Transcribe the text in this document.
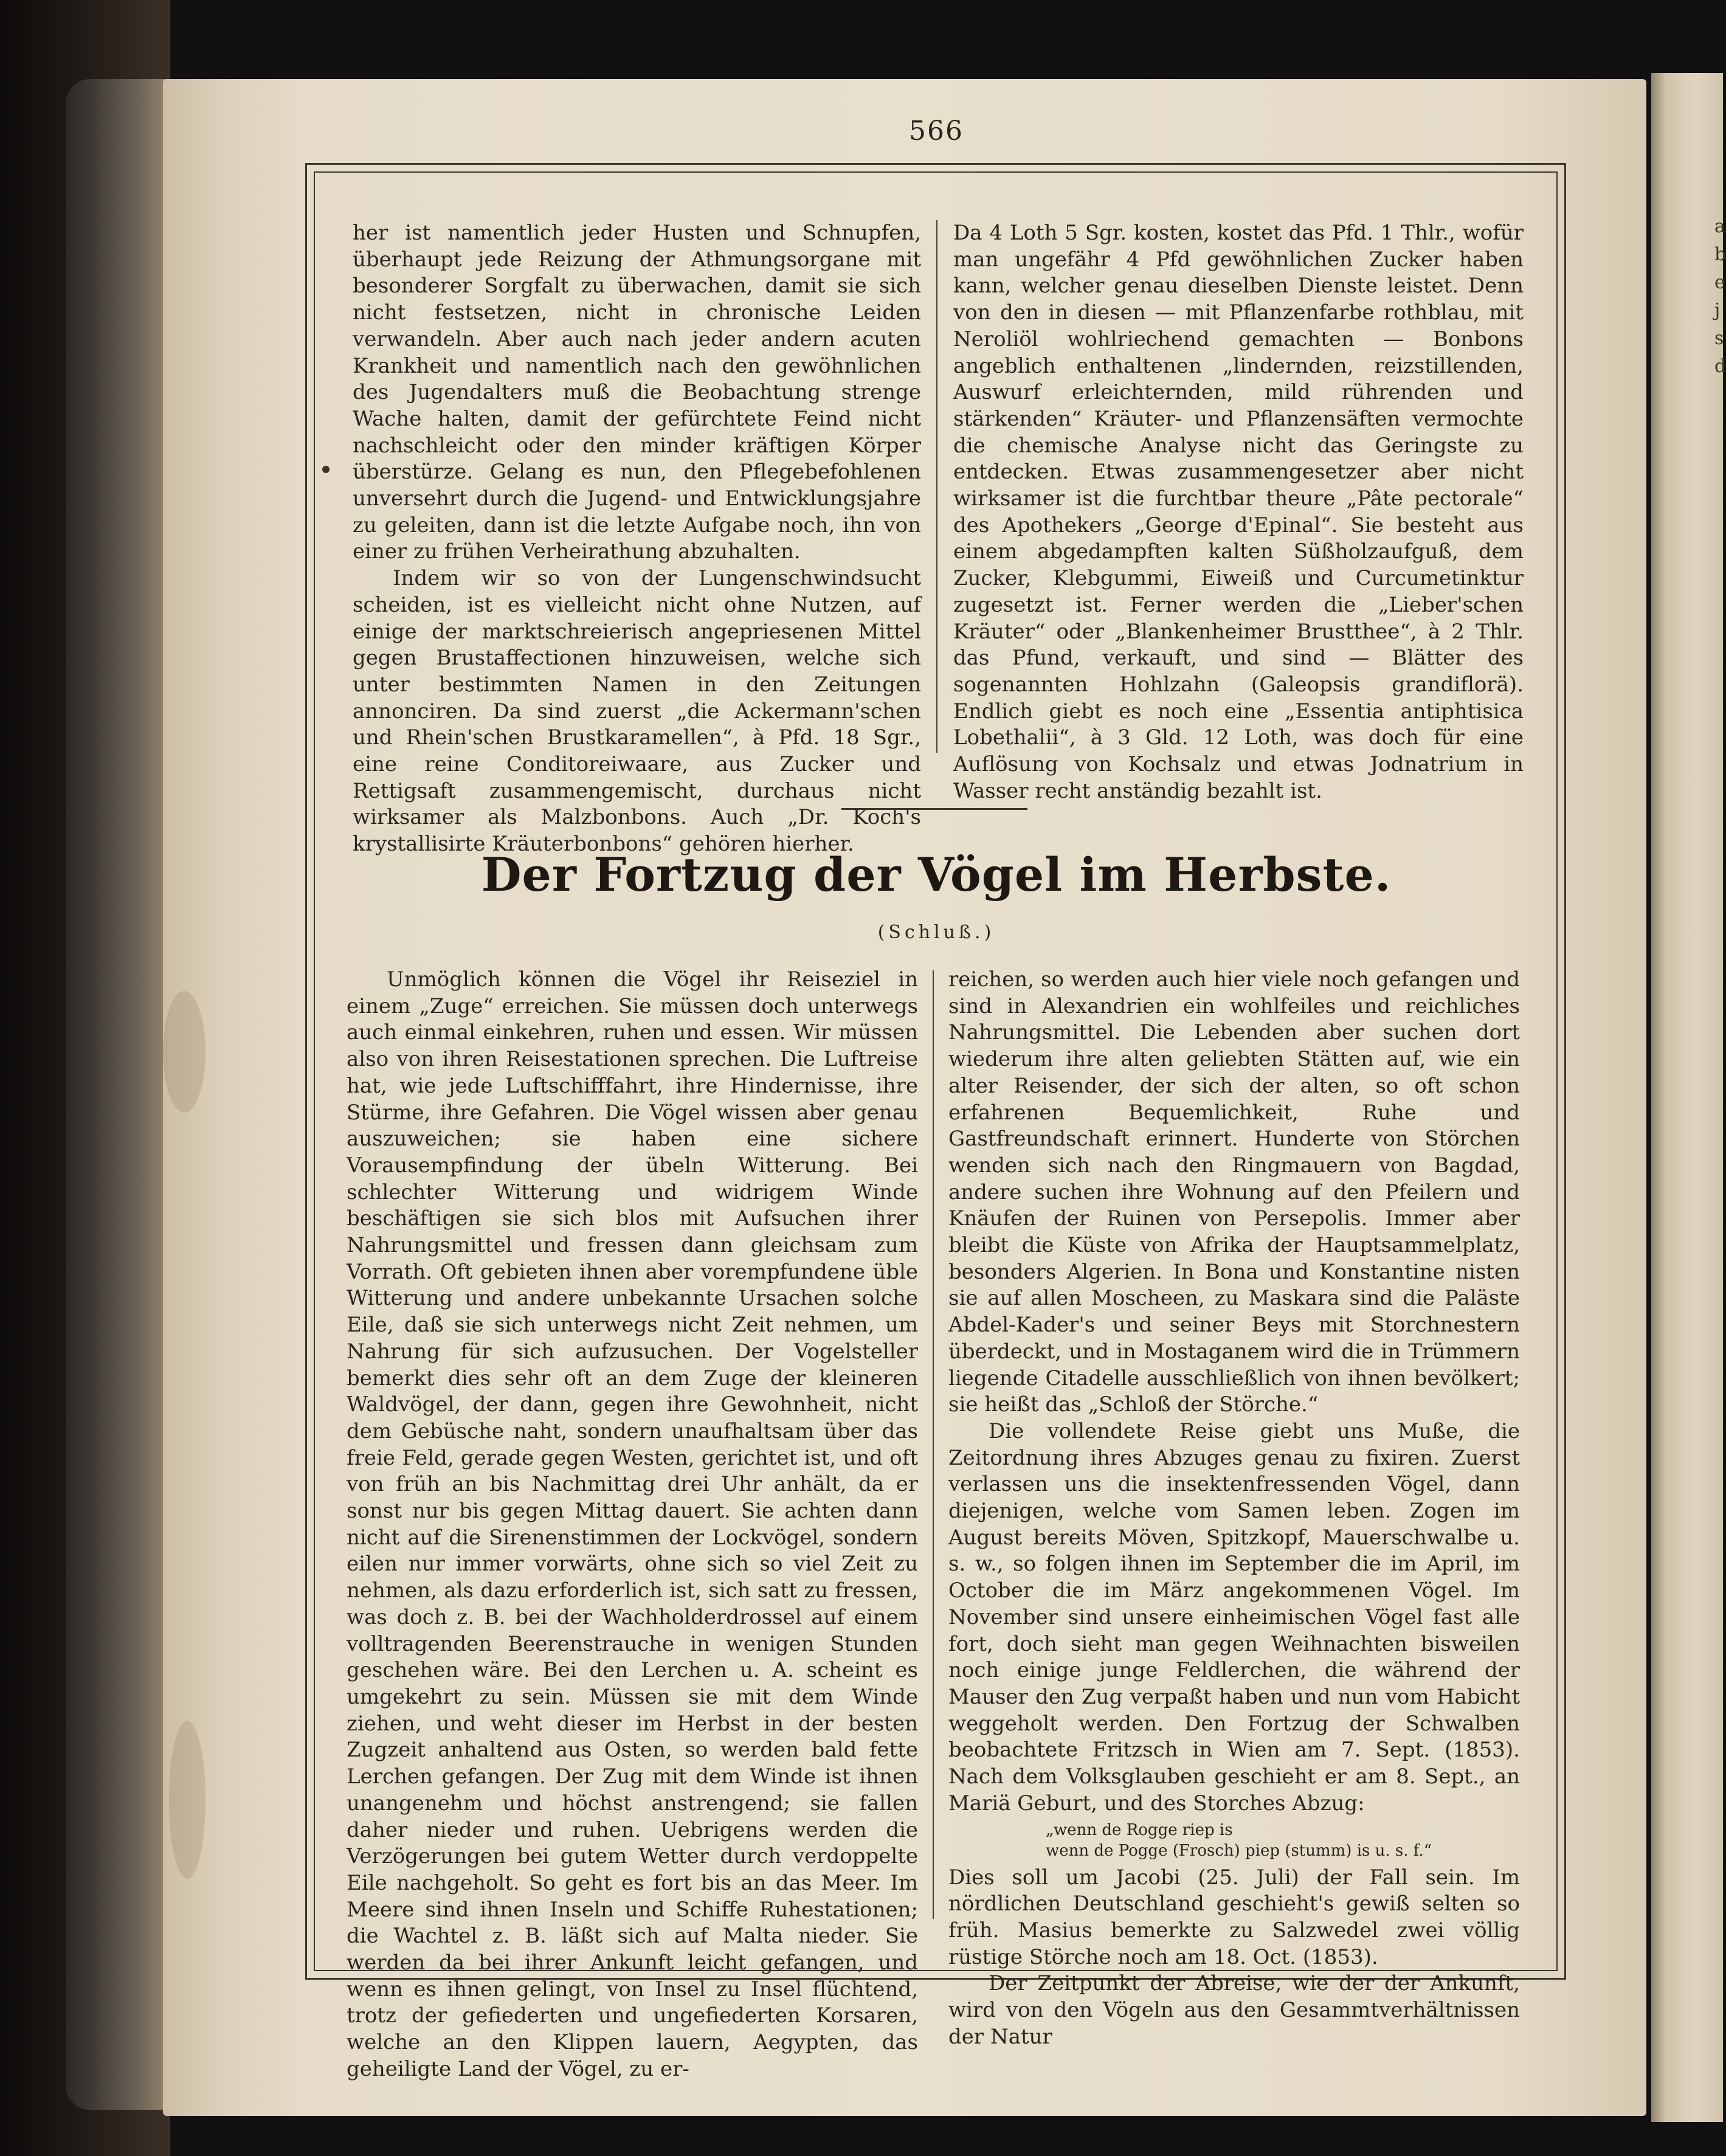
a
b
e
j
s
d
566

her ist namentlich jeder Husten und Schnupfen, überhaupt jede Reizung der Athmungsorgane mit besonderer Sorgfalt zu überwachen, damit sie sich nicht festsetzen, nicht in chronische Leiden verwandeln. Aber auch nach jeder andern acuten Krankheit und namentlich nach den gewöhnlichen des Jugendalters muß die Beobachtung strenge Wache halten, damit der gefürchtete Feind nicht nachschleicht oder den minder kräftigen Körper überstürze. Gelang es nun, den Pflegebefohlenen unversehrt durch die Jugend- und Entwicklungsjahre zu geleiten, dann ist die letzte Aufgabe noch, ihn von einer zu frühen Verheirathung abzuhalten.

Indem wir so von der Lungenschwindsucht scheiden, ist es vielleicht nicht ohne Nutzen, auf einige der marktschreierisch angepriesenen Mittel gegen Brustaffectionen hinzuweisen, welche sich unter bestimmten Namen in den Zeitungen annonciren. Da sind zuerst „die Ackermann'schen und Rhein'schen Brustkaramellen“, à Pfd. 18 Sgr., eine reine Conditoreiwaare, aus Zucker und Rettigsaft zusammengemischt, durchaus nicht wirksamer als Malzbonbons. Auch „Dr. Koch's krystallisirte Kräuterbonbons“ gehören hierher.

Da 4 Loth 5 Sgr. kosten, kostet das Pfd. 1 Thlr., wofür man ungefähr 4 Pfd gewöhnlichen Zucker haben kann, welcher genau dieselben Dienste leistet. Denn von den in diesen — mit Pflanzenfarbe rothblau, mit Neroliöl wohlriechend gemachten — Bonbons angeblich enthaltenen „lindernden, reizstillenden, Auswurf erleichternden, mild rührenden und stärkenden“ Kräuter- und Pflanzensäften vermochte die chemische Analyse nicht das Geringste zu entdecken. Etwas zusammengesetzer aber nicht wirksamer ist die furchtbar theure „Pâte pectorale“ des Apothekers „George d'Epinal“. Sie besteht aus einem abgedampften kalten Süßholzaufguß, dem Zucker, Klebgummi, Eiweiß und Curcumetinktur zugesetzt ist. Ferner werden die „Lieber'schen Kräuter“ oder „Blankenheimer Brustthee“, à 2 Thlr. das Pfund, verkauft, und sind — Blätter des sogenannten Hohlzahn (Galeopsis grandiflorä). Endlich giebt es noch eine „Essentia antiphtisica Lobethalii“, à 3 Gld. 12 Loth, was doch für eine Auflösung von Kochsalz und etwas Jodnatrium in Wasser recht anständig bezahlt ist.

Der Fortzug der Vögel im Herbste.
(Schluß.)

Unmöglich können die Vögel ihr Reiseziel in einem „Zuge“ erreichen. Sie müssen doch unterwegs auch einmal einkehren, ruhen und essen. Wir müssen also von ihren Reisestationen sprechen. Die Luftreise hat, wie jede Luftschifffahrt, ihre Hindernisse, ihre Stürme, ihre Gefahren. Die Vögel wissen aber genau auszuweichen; sie haben eine sichere Vorausempfindung der übeln Witterung. Bei schlechter Witterung und widrigem Winde beschäftigen sie sich blos mit Aufsuchen ihrer Nahrungsmittel und fressen dann gleichsam zum Vorrath. Oft gebieten ihnen aber vorempfundene üble Witterung und andere unbekannte Ursachen solche Eile, daß sie sich unterwegs nicht Zeit nehmen, um Nahrung für sich aufzusuchen. Der Vogelsteller bemerkt dies sehr oft an dem Zuge der kleineren Waldvögel, der dann, gegen ihre Gewohnheit, nicht dem Gebüsche naht, sondern unaufhaltsam über das freie Feld, gerade gegen Westen, gerichtet ist, und oft von früh an bis Nachmittag drei Uhr anhält, da er sonst nur bis gegen Mittag dauert. Sie achten dann nicht auf die Sirenenstimmen der Lockvögel, sondern eilen nur immer vorwärts, ohne sich so viel Zeit zu nehmen, als dazu erforderlich ist, sich satt zu fressen, was doch z. B. bei der Wachholderdrossel auf einem volltragenden Beerenstrauche in wenigen Stunden geschehen wäre. Bei den Lerchen u. A. scheint es umgekehrt zu sein. Müssen sie mit dem Winde ziehen, und weht dieser im Herbst in der besten Zugzeit anhaltend aus Osten, so werden bald fette Lerchen gefangen. Der Zug mit dem Winde ist ihnen unangenehm und höchst anstrengend; sie fallen daher nieder und ruhen. Uebrigens werden die Verzögerungen bei gutem Wetter durch verdoppelte Eile nachgeholt. So geht es fort bis an das Meer. Im Meere sind ihnen Inseln und Schiffe Ruhestationen; die Wachtel z. B. läßt sich auf Malta nieder. Sie werden da bei ihrer Ankunft leicht gefangen, und wenn es ihnen gelingt, von Insel zu Insel flüchtend, trotz der gefiederten und ungefiederten Korsaren, welche an den Klippen lauern, Aegypten, das geheiligte Land der Vögel, zu er-

reichen, so werden auch hier viele noch gefangen und sind in Alexandrien ein wohlfeiles und reichliches Nahrungsmittel. Die Lebenden aber suchen dort wiederum ihre alten geliebten Stätten auf, wie ein alter Reisender, der sich der alten, so oft schon erfahrenen Bequemlichkeit, Ruhe und Gastfreundschaft erinnert. Hunderte von Störchen wenden sich nach den Ringmauern von Bagdad, andere suchen ihre Wohnung auf den Pfeilern und Knäufen der Ruinen von Persepolis. Immer aber bleibt die Küste von Afrika der Hauptsammelplatz, besonders Algerien. In Bona und Konstantine nisten sie auf allen Moscheen, zu Maskara sind die Paläste Abdel-Kader's und seiner Beys mit Storchnestern überdeckt, und in Mostaganem wird die in Trümmern liegende Citadelle ausschließlich von ihnen bevölkert; sie heißt das „Schloß der Störche.“

Die vollendete Reise giebt uns Muße, die Zeitordnung ihres Abzuges genau zu fixiren. Zuerst verlassen uns die insektenfressenden Vögel, dann diejenigen, welche vom Samen leben. Zogen im August bereits Möven, Spitzkopf, Mauerschwalbe u. s. w., so folgen ihnen im September die im April, im October die im März angekommenen Vögel. Im November sind unsere einheimischen Vögel fast alle fort, doch sieht man gegen Weihnachten bisweilen noch einige junge Feldlerchen, die während der Mauser den Zug verpaßt haben und nun vom Habicht weggeholt werden. Den Fortzug der Schwalben beobachtete Fritzsch in Wien am 7. Sept. (1853). Nach dem Volksglauben geschieht er am 8. Sept., an Mariä Geburt, und des Storches Abzug:

„wenn de Rogge riep is
wenn de Pogge (Frosch) piep (stumm) is u. s. f.“

Dies soll um Jacobi (25. Juli) der Fall sein. Im nördlichen Deutschland geschieht's gewiß selten so früh. Masius bemerkte zu Salzwedel zwei völlig rüstige Störche noch am 18. Oct. (1853).

Der Zeitpunkt der Abreise, wie der der Ankunft, wird von den Vögeln aus den Gesammtverhältnissen der Natur
